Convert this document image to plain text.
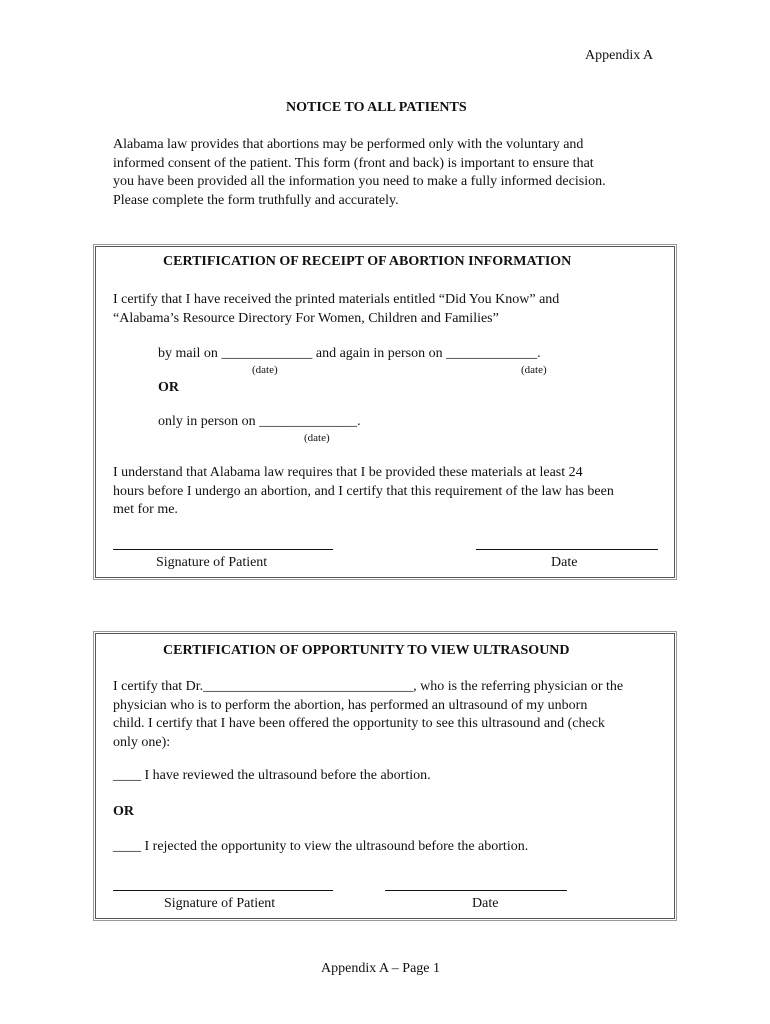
Appendix A
NOTICE TO ALL PATIENTS
Alabama law provides that abortions may be performed only with the voluntary and
informed consent of the patient. This form (front and back) is important to ensure that
you have been provided all the information you need to make a fully informed decision.
Please complete the form truthfully and accurately.
CERTIFICATION OF RECEIPT OF ABORTION INFORMATION
I certify that I have received the printed materials entitled “Did You Know” and
“Alabama’s Resource Directory For Women, Children and Families”
by mail on _____________ and again in person on _____________.
(date)	(date)
OR
only in person on ______________.
(date)
I understand that Alabama law requires that I be provided these materials at least 24
hours before I undergo an abortion, and I certify that this requirement of the law has been
met for me.
Signature of Patient	Date
CERTIFICATION OF OPPORTUNITY TO VIEW ULTRASOUND
I certify that Dr.______________________________, who is the referring physician or the
physician who is to perform the abortion, has performed an ultrasound of my unborn
child. I certify that I have been offered the opportunity to see this ultrasound and (check
only one):
____ I have reviewed the ultrasound before the abortion.
OR
____ I rejected the opportunity to view the ultrasound before the abortion.
Signature of Patient	Date
Appendix A – Page 1
